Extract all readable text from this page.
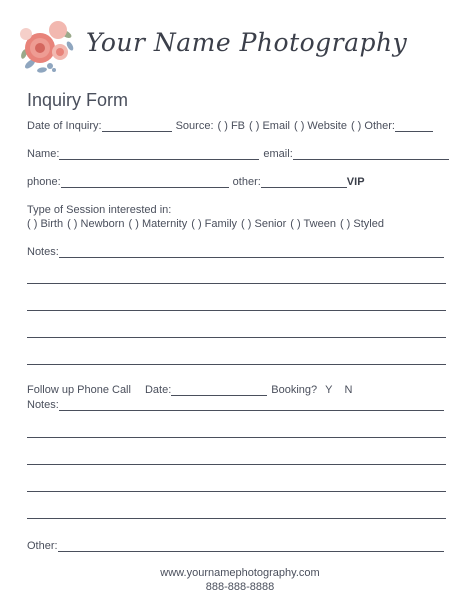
Your Name Photography
Inquiry Form
Date of Inquiry:	Source: ( ) FB ( ) Email ( ) Website ( ) Other:
Name:	email:
phone:	other:	VIP
Type of Session interested in:
( ) Birth ( ) Newborn ( ) Maternity ( ) Family ( ) Senior ( ) Tween ( ) Styled
Notes:
Follow up Phone Call Date:	Booking? Y N
Notes:
Other:
www.yournamephotography.com
888-888-8888
